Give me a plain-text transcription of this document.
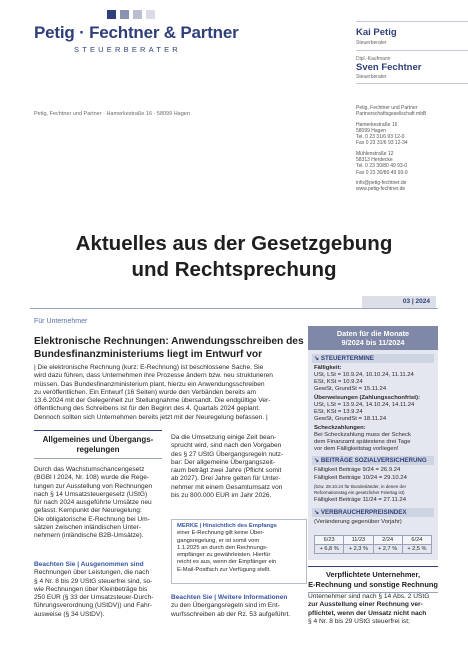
Petig · Fechtner & Partner
STEUERBERATER
Petig, Fechtner und Partner · Hamerkestraße 16 · 58099 Hagen
Kai Petig
Steuerberater
Dipl.-Kaufmann
Sven Fechtner
Steuerberater
Petig, Fechtner und Partner
Partnerschaftsgesellschaft mbB
Hamerkestraße 16
58099 Hagen
Tel. 0 23 31/6 93 12-0
Fax 0 23 31/6 93 12-34
Mühlenstraße 12
58313 Herdecke
Tel. 0 23 30/80 49 93-0
Fax 0 23 30/80 49 93-9
info@petig-fechtner.de
www.petig-fechtner.de
Aktuelles aus der Gesetzgebung
und Rechtsprechung
03 | 2024
Für Unternehmer
Elektronische Rechnungen: Anwendungsschreiben des Bundesfinanzministeriums liegt im Entwurf vor
| Die elektronische Rechnung (kurz: E-Rechnung) ist beschlossene Sache. Sie
wird dazu führen, dass Unternehmen ihre Prozesse ändern bzw. neu strukturieren
müssen. Das Bundesfinanzministerium plant, hierzu ein Anwendungsschreiben
zu veröffentlichen. Ein Entwurf (16 Seiten) wurde den Verbänden bereits am
13.6.2024 mit der Gelegenheit zur Stellungnahme übersandt. Die endgültige Ver-
öffentlichung des Schreibens ist für den Beginn des 4. Quartals 2024 geplant.
Dennoch sollten sich Unternehmen bereits jetzt mit der Neuregelung befassen. |
Allgemeines und Übergangs-
regelungen
Durch das Wachstumschancengesetz
(BGBl I 2024, Nr. 108) wurde die Rege-
lungen zur Ausstellung von Rechnungen
nach § 14 Umsatzsteuergesetz (UStG)
für nach 2024 ausgeführte Umsätze neu
gefasst. Kernpunkt der Neuregelung:
Die obligatorische E-Rechnung bei Um-
sätzen zwischen inländischen Unter-
nehmern (inländische B2B-Umsätze).
Beachten Sie | Ausgenommen sind
Rechnungen über Leistungen, die nach
§ 4 Nr. 8 bis 29 UStG steuerfrei sind, so-
wie Rechnungen über Kleinbeträge bis
250 EUR (§ 33 der Umsatzsteuer-Durch-
führungsverordnung (UStDV)) und Fahr-
ausweise (§ 34 UStDV).
Da die Umsetzung einige Zeit bean-
sprucht wird, sind nach den Vorgaben
des § 27 UStG Übergangsregeln nutz-
bar: Der allgemeine Übergangszeit-
raum beträgt zwei Jahre (Pflicht somit
ab 2027). Drei Jahre gelten für Unter-
nehmer mit einem Gesamtumsatz von
bis zu 800.000 EUR im Jahr 2026.
MERKE | Hinsichtlich des Empfangs
einer E-Rechnung gilt keine Über-
gangsregelung, er ist somit vom
1.1.2025 an durch den Rechnungs-
empfänger zu gewährleisten. Hierfür
reicht es aus, wenn der Empfänger ein
E-Mail-Postfach zur Verfügung stellt.
Beachten Sie | Weitere Informationen
zu den Übergangsregeln sind im Ent-
wurfsschreiben ab der Rz. 53 aufgeführt.
Daten für die Monate
9/2024 bis 11/2024
↘ STEUERTERMINE
Fälligkeit:
USt, LSt = 10.9.24, 10.10.24, 11.11.24
ESt, KSt = 10.9.24
GewSt, GrundSt = 15.11.24
Überweisungen (Zahlungsschonfrist):
USt, LSt = 13.9.24, 14.10.24, 14.11.24
ESt, KSt = 13.9.24
GewSt, GrundSt = 18.11.24
Scheckzahlungen:
Bei Scheckzahlung muss der Scheck
dem Finanzamt spätestens drei Tage
vor dem Fälligkeitstag vorliegen!
↘ BEITRÄGE SOZIALVERSICHERUNG
Fälligkeit Beiträge 9/24 = 26.9.24
Fälligkeit Beiträge 10/24 = 29.10.24
(bzw. 28.10.24 für Bundesländer, in denen der
Reformationstag ein gesetzlicher Feiertag ist)
Fälligkeit Beiträge 11/24 = 27.11.24
↘ VERBRAUCHERPREISINDEX
(Veränderung gegenüber Vorjahr)
6/23	11/23	2/24	6/24
+ 6,8 %	+ 2,3 %	+ 2,7 %	+ 2,5 %
Verpflichtete Unternehmer,
E-Rechnung und sonstige Rechnung
Unternehmer sind nach § 14 Abs. 2 UStG
zur Ausstellung einer Rechnung ver-
pflichtet, wenn der Umsatz nicht nach
§ 4 Nr. 8 bis 29 UStG steuerfrei ist;
